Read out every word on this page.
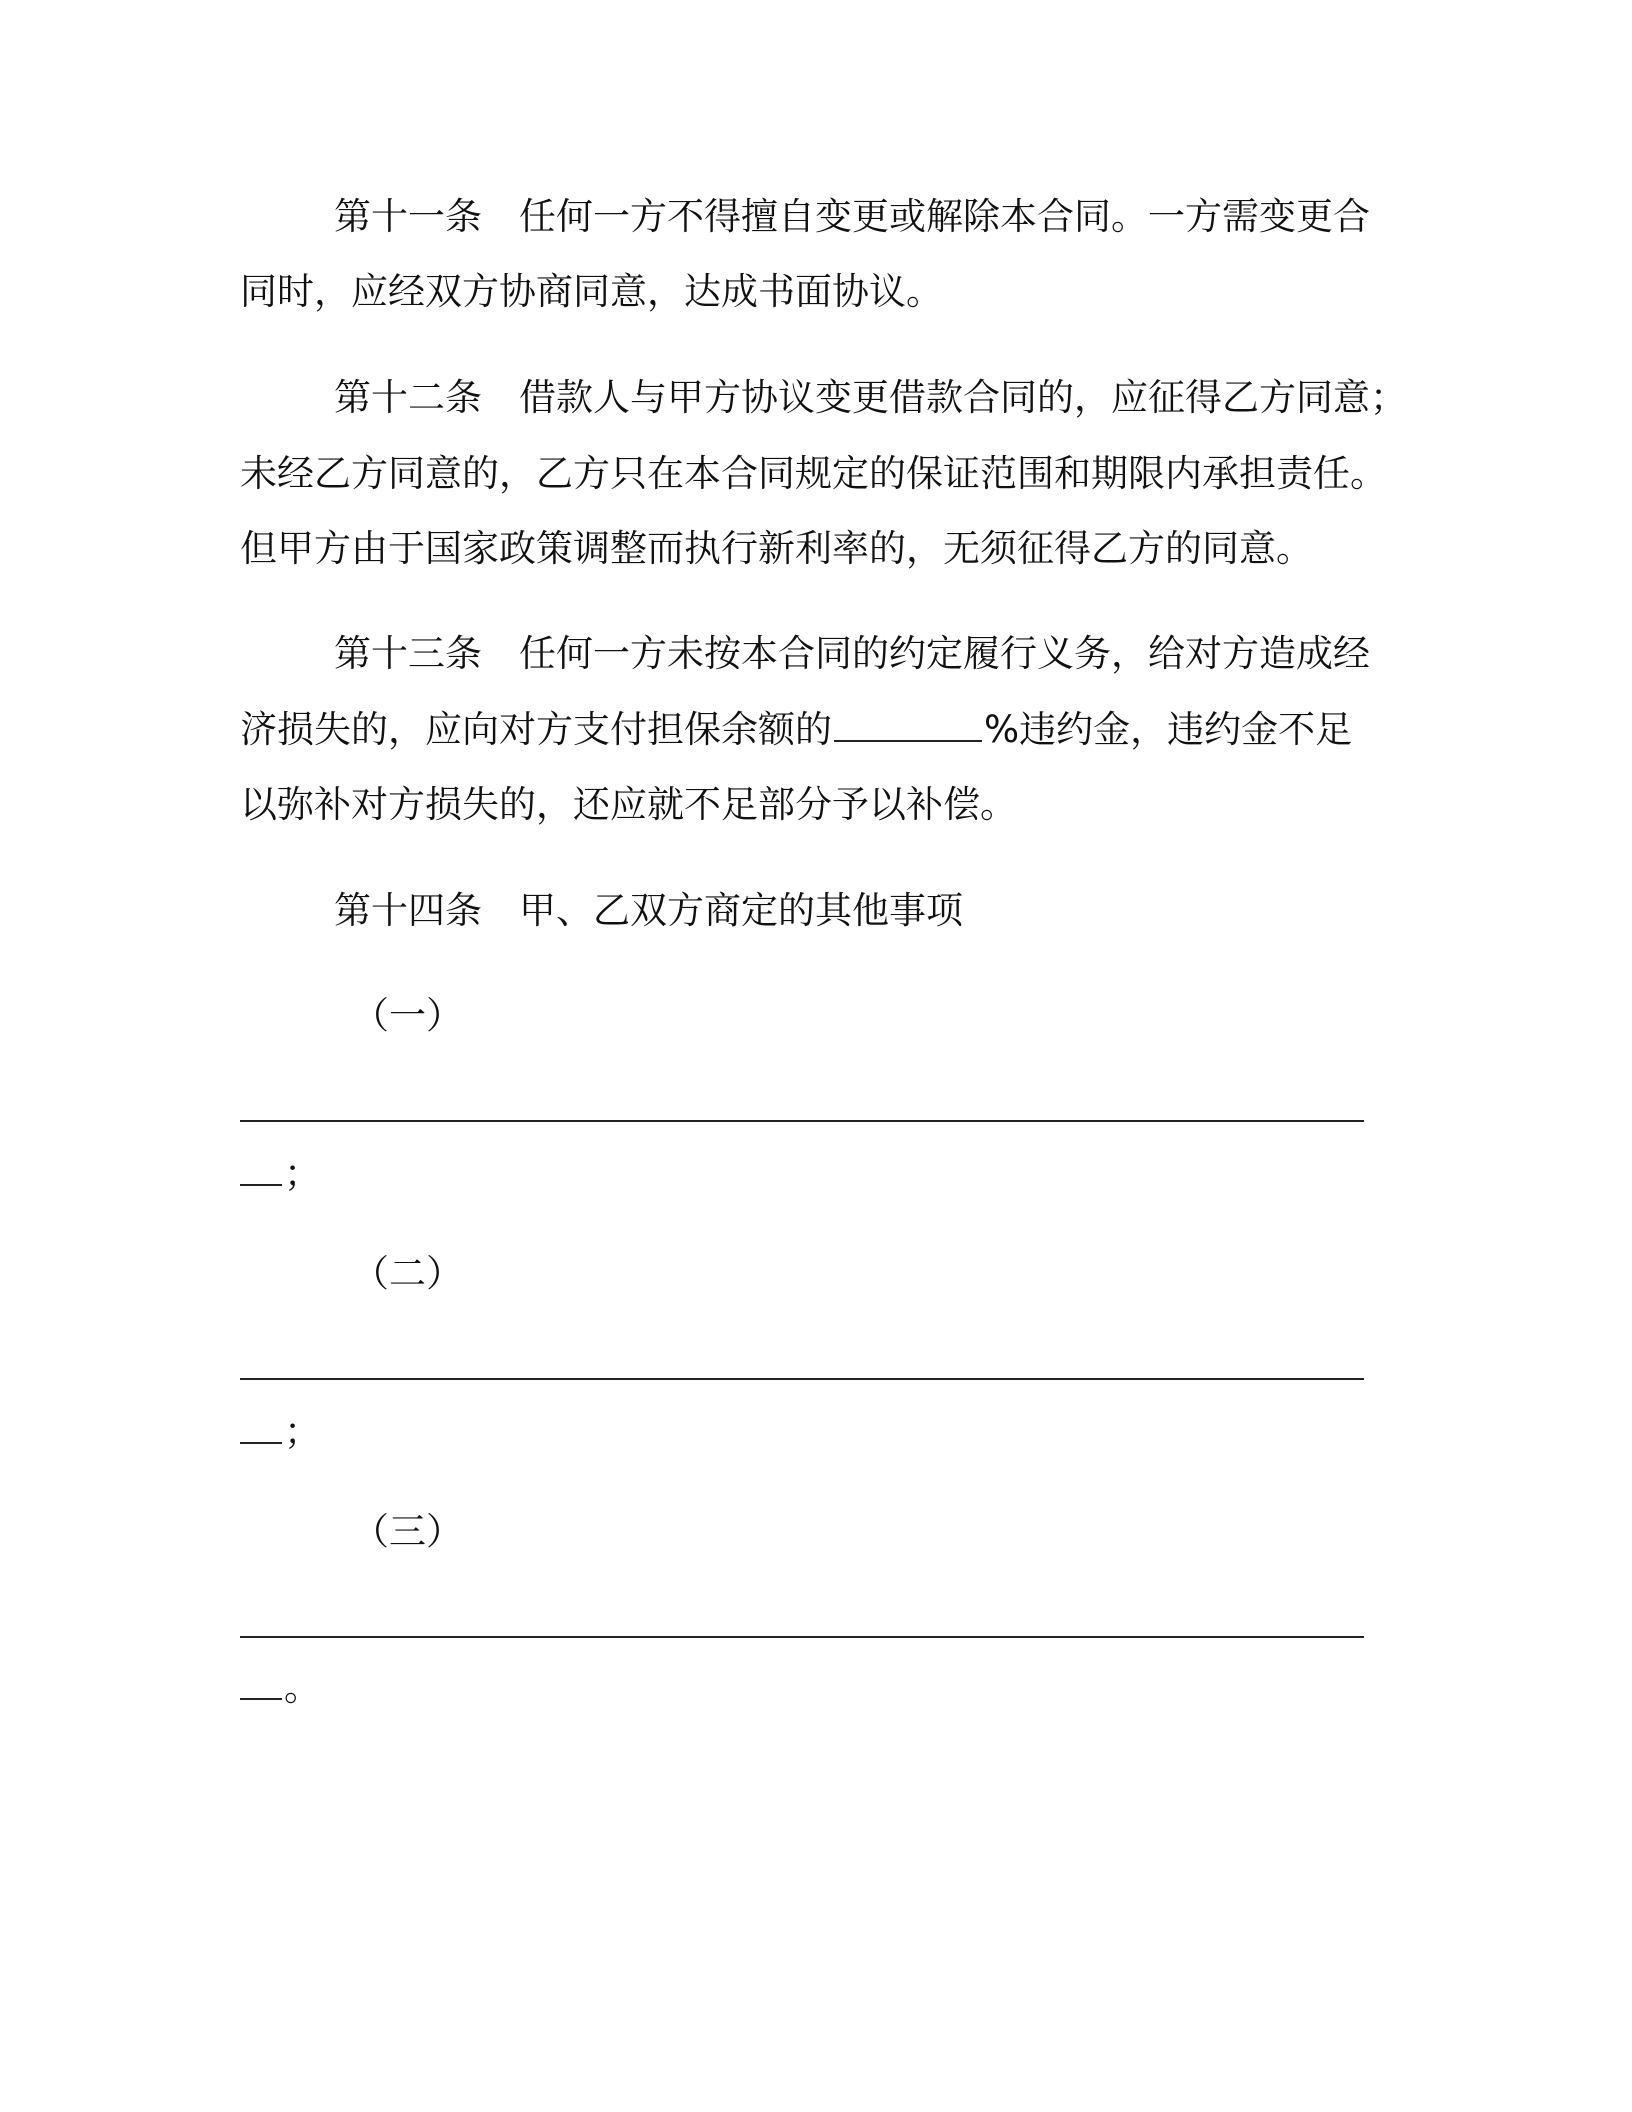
第十一条　任何一方不得擅自变更或解除本合同。一方需变更合
同时，应经双方协商同意，达成书面协议。
第十二条　借款人与甲方协议变更借款合同的，应征得乙方同意；
未经乙方同意的，乙方只在本合同规定的保证范围和期限内承担责任。
但甲方由于国家政策调整而执行新利率的，无须征得乙方的同意。
第十三条　任何一方未按本合同的约定履行义务，给对方造成经
济损失的，应向对方支付担保余额的	%违约金，违约金不足
以弥补对方损失的，还应就不足部分予以补偿。
第十四条　甲、乙双方商定的其他事项
（一）
；
（二）
；
（三）
。
